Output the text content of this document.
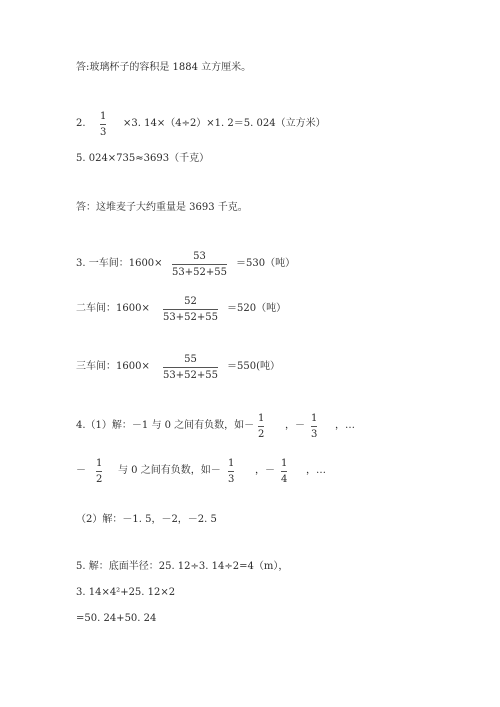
答:玻璃杯子的容积是 1884 立方厘米。
2.
1
3
×3. 14×（4÷2）×1. 2＝5. 024（立方米）
5. 024×735≈3693（千克）
答：这堆麦子大约重量是 3693 千克。
3. 一车间：1600×
53
53+52+55
＝530（吨）
二车间：1600×
52
53+52+55
＝520（吨）
三车间：1600×
55
53+52+55
＝550(吨）
4.（1）解：－1 与 0 之间有负数，如－
1
2
，－
1
3
，…
－
1
2
与 0 之间有负数，如－
1
3
，－
1
4
，…
（2）解：－1. 5，－2，－2. 5
5. 解：底面半径：25. 12÷3. 14÷2=4（m），
3. 14×4²+25. 12×2
=50. 24+50. 24
